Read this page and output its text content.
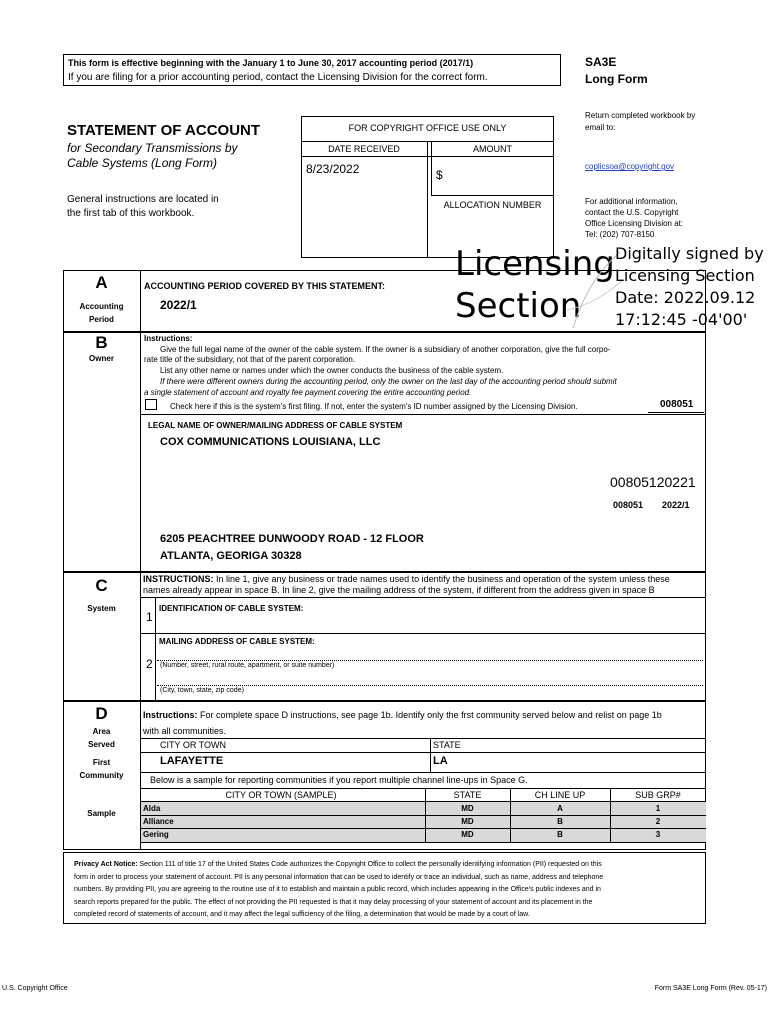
This form is effective beginning with the January 1 to June 30, 2017 accounting period (2017/1)
If you are filing for a prior accounting period, contact the Licensing Division for the correct form.
SA3E
Long Form
Return completed workbook by email to:
coplicsoa@copyright.gov
For additional information,
contact the U.S. Copyright
Office Licensing Division at:
Tel: (202) 707-8150
STATEMENT OF ACCOUNT
for Secondary Transmissions by
Cable Systems (Long Form)
General instructions are located in
the first tab of this workbook.
FOR COPYRIGHT OFFICE USE ONLY
DATE RECEIVED	AMOUNT
8/23/2022	$
ALLOCATION NUMBER
Licensing
Section
Digitally signed by
Licensing Section
Date: 2022.09.12
17:12:45 -04'00'
A
Accounting
Period
ACCOUNTING PERIOD COVERED BY THIS STATEMENT:
2022/1
B
Owner
Instructions:
Give the full legal name of the owner of the cable system. If the owner is a subsidiary of another corporation, give the full corpo-
rate title of the subsidiary, not that of the parent corporation.
List any other name or names under which the owner conducts the business of the cable system.
If there were different owners during the accounting period, only the owner on the last day of the accounting period should submit
a single statement of account and royalty fee payment covering the entire accounting period.
Check here if this is the system's first filing. If not, enter the system's ID number assigned by the Licensing Division.	008051
LEGAL NAME OF OWNER/MAILING ADDRESS OF CABLE SYSTEM
COX COMMUNICATIONS LOUISIANA, LLC
00805120221
008051 2022/1
6205 PEACHTREE DUNWOODY ROAD - 12 FLOOR
ATLANTA, GEORIGA 30328
C
System
INSTRUCTIONS: In line 1, give any business or trade names used to identify the business and operation of the system unless these
names already appear in space B. In line 2, give the mailing address of the system, if different from the address given in space B
IDENTIFICATION OF CABLE SYSTEM:
1
MAILING ADDRESS OF CABLE SYSTEM:
2 (Number, street, rural route, apartment, or suite number)
(City, town, state, zip code)
D
Area
Served
First
Community
Sample
Instructions: For complete space D instructions, see page 1b. Identify only the frst community served below and relist on page 1b
with all communities.
CITY OR TOWN	STATE
LAFAYETTE	LA
Below is a sample for reporting communities if you report multiple channel line-ups in Space G.
CITY OR TOWN (SAMPLE)	STATE	CH LINE UP	SUB GRP#
Alda	MD	A	1
Alliance	MD	B	2
Gering	MD	B	3
Privacy Act Notice: Section 111 of title 17 of the United States Code authorizes the Copyright Office to collect the personally identifying information (PII) requested on this
form in order to process your statement of account. PII is any personal information that can be used to identify or trace an individual, such as name, address and telephone
numbers. By providing PII, you are agreeing to the routine use of it to establish and maintain a public record, which includes appearing in the Office's public indexes and in
search reports prepared for the public. The effect of not providing the PII requested is that it may delay processing of your statement of account and its placement in the
completed record of statements of account, and it may affect the legal sufficiency of the filing, a determination that would be made by a court of law.
U.S. Copyright Office	Form SA3E Long Form (Rev. 05-17)
